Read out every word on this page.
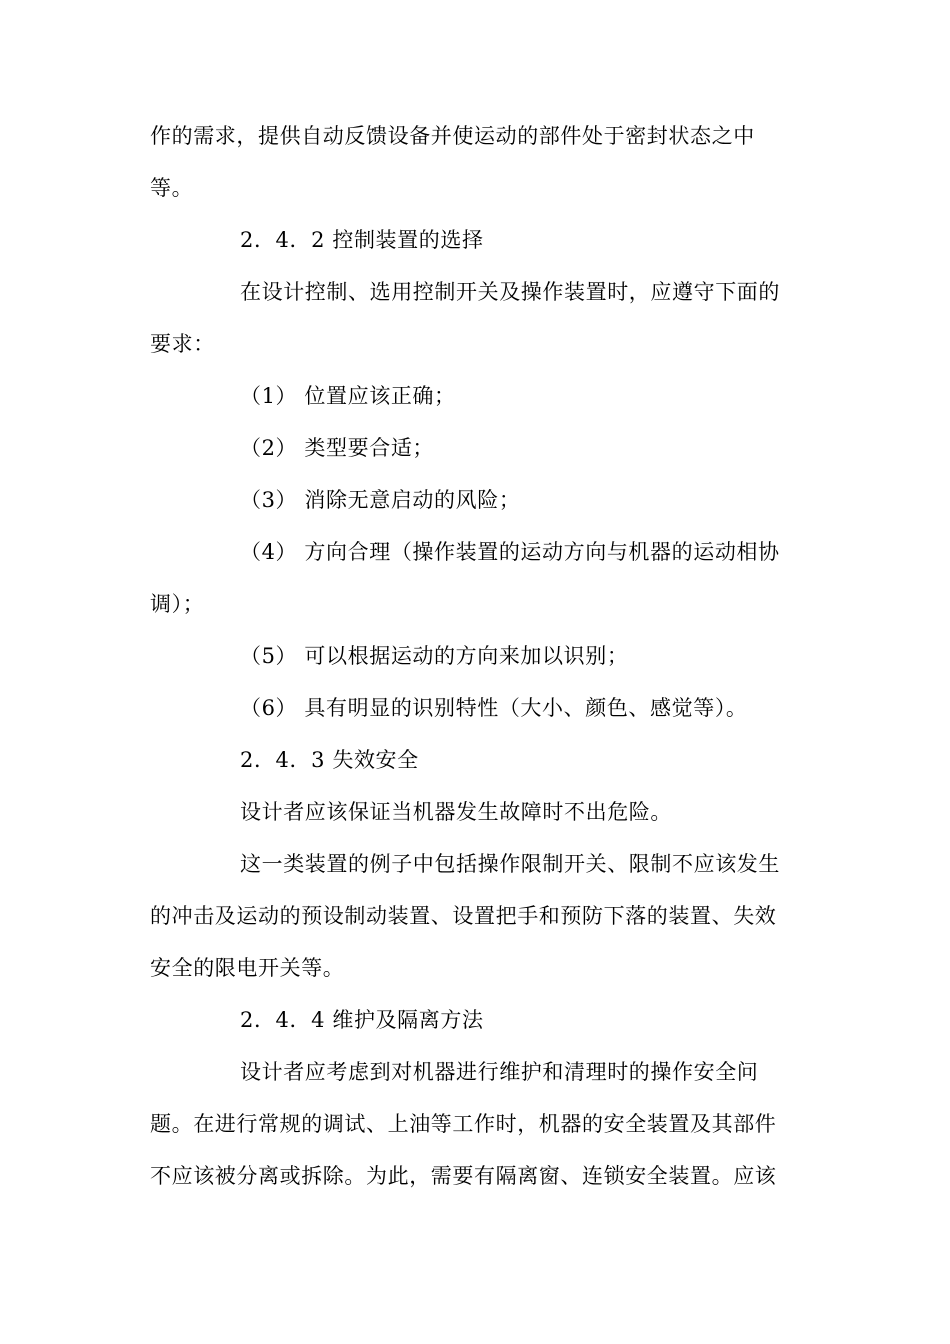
作的需求，提供自动反馈设备并使运动的部件处于密封状态之中
等。
2．4．2 控制装置的选择
在设计控制、选用控制开关及操作装置时，应遵守下面的
要求：
（1） 位置应该正确；
（2） 类型要合适；
（3） 消除无意启动的风险；
（4） 方向合理（操作装置的运动方向与机器的运动相协
调）；
（5） 可以根据运动的方向来加以识别；
（6） 具有明显的识别特性（大小、颜色、感觉等）。
2．4．3 失效安全
设计者应该保证当机器发生故障时不出危险。
这一类装置的例子中包括操作限制开关、限制不应该发生
的冲击及运动的预设制动装置、设置把手和预防下落的装置、失效
安全的限电开关等。
2．4．4 维护及隔离方法
设计者应考虑到对机器进行维护和清理时的操作安全问
题。在进行常规的调试、上油等工作时，机器的安全装置及其部件
不应该被分离或拆除。为此，需要有隔离窗、连锁安全装置。应该
